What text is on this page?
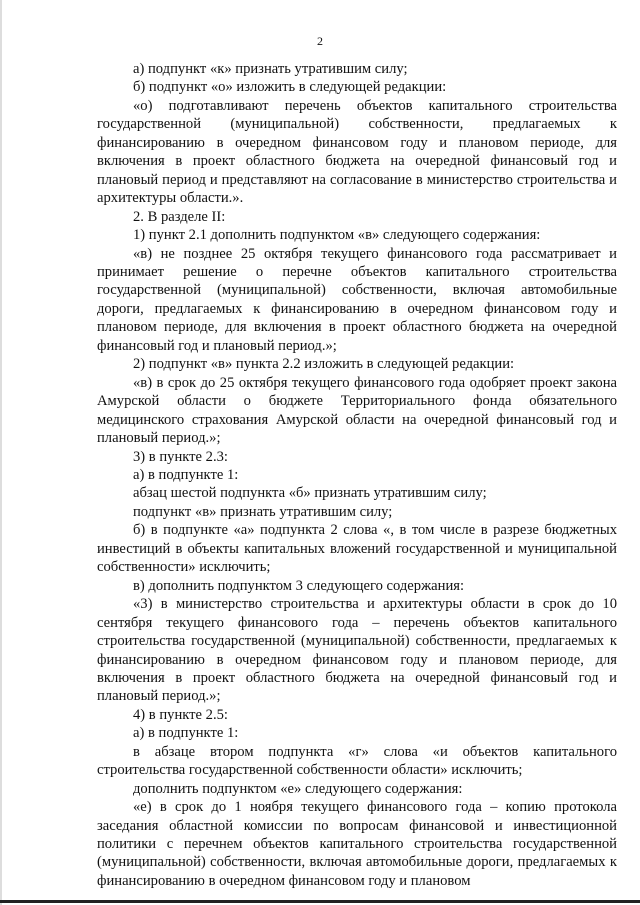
2

а) подпункт «к» признать утратившим силу;

б) подпункт «о» изложить в следующей редакции:

«о) подготавливают перечень объектов капитального строительства государственной (муниципальной) собственности, предлагаемых к финансированию в очередном финансовом году и плановом периоде, для включения в проект областного бюджета на очередной финансовый год и плановый период и представляют на согласование в министерство строительства и архитектуры области.».

2. В разделе II:

1) пункт 2.1 дополнить подпунктом «в» следующего содержания:

«в) не позднее 25 октября текущего финансового года рассматривает и принимает решение о перечне объектов капитального строительства государственной (муниципальной) собственности, включая автомобильные дороги, предлагаемых к финансированию в очередном финансовом году и плановом периоде, для включения в проект областного бюджета на очередной финансовый год и плановый период.»;

2) подпункт «в» пункта 2.2 изложить в следующей редакции:

«в) в срок до 25 октября текущего финансового года одобряет проект закона Амурской области о бюджете Территориального фонда обязательного медицинского страхования Амурской области на очередной финансовый год и плановый период.»;

3) в пункте 2.3:

а) в подпункте 1:

абзац шестой подпункта «б» признать утратившим силу;

подпункт «в» признать утратившим силу;

б) в подпункте «а» подпункта 2 слова «, в том числе в разрезе бюджетных инвестиций в объекты капитальных вложений государственной и муниципальной собственности» исключить;

в) дополнить подпунктом 3 следующего содержания:

«3) в министерство строительства и архитектуры области в срок до 10 сентября текущего финансового года – перечень объектов капитального строительства государственной (муниципальной) собственности, предлагаемых к финансированию в очередном финансовом году и плановом периоде, для включения в проект областного бюджета на очередной финансовый год и плановый период.»;

4) в пункте 2.5:

а) в подпункте 1:

в абзаце втором подпункта «г» слова «и объектов капитального строительства государственной собственности области» исключить;

дополнить подпунктом «е» следующего содержания:

«е) в срок до 1 ноября текущего финансового года – копию протокола заседания областной комиссии по вопросам финансовой и инвестиционной политики с перечнем объектов капитального строительства государственной (муниципальной) собственности, включая автомобильные дороги, предлагаемых к финансированию в очередном финансовом году и плановом
